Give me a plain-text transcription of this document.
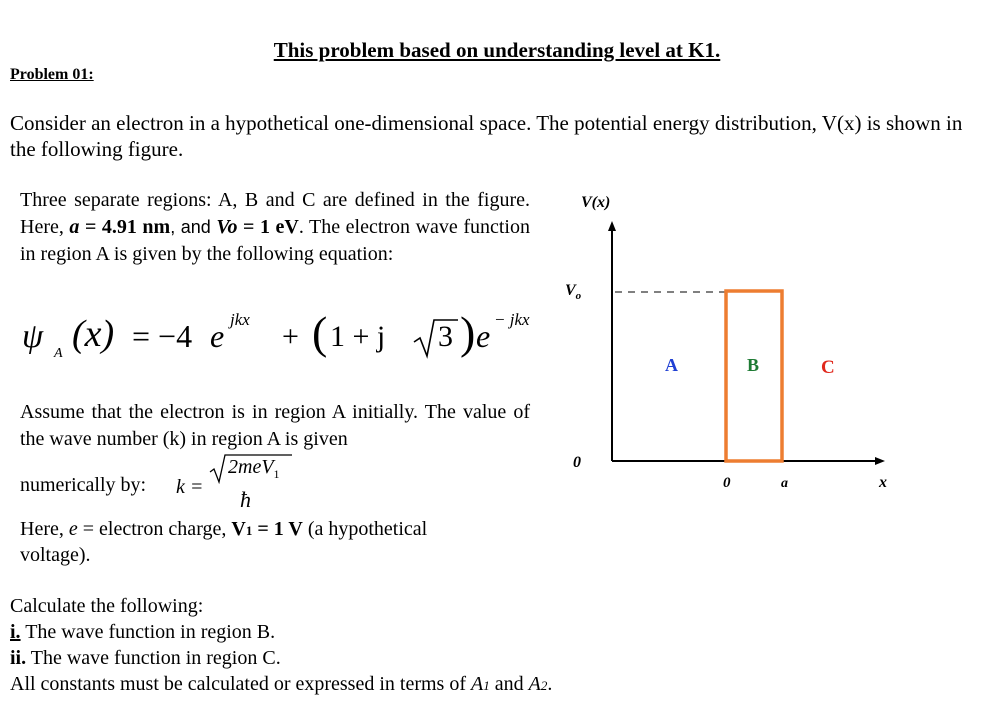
This problem based on understanding level at K1.
Problem 01:
Consider an electron in a hypothetical one-dimensional space. The potential energy distribution, V(x) is shown in the following figure.
Three separate regions: A, B and C are defined in the figure. Here, a = 4.91 nm, and Vo = 1 eV. The electron wave function in region A is given by the following equation:
ψ A (x) = −4 e jkx
+ ( 1 + j 3 ) e − jkx
Assume that the electron is in region A initially. The value of the wave number (k) in region A is given
numerically by: k =
2meV$_1$
ħ
Here, e = electron charge, V1 = 1 V (a hypothetical voltage).
Calculate the following:
i. The wave function in region B.
ii. The wave function in region C.
All constants must be calculated or expressed in terms of A1 and A2.
V(x)
$V_o$
0
0	a	x
A	B	C
